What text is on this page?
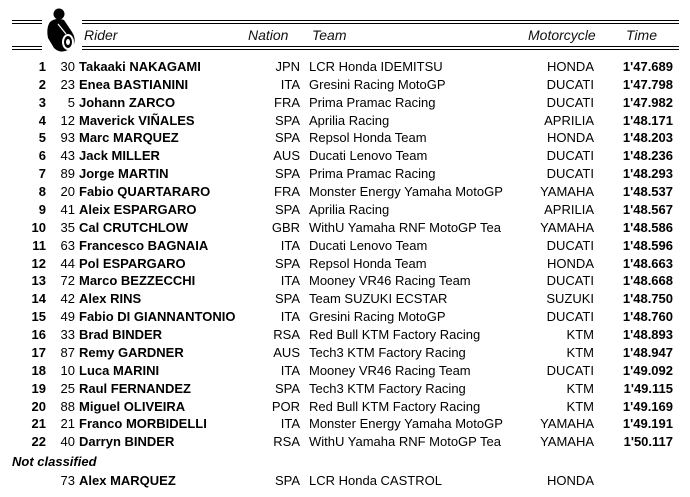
Rider	Nation Team	Motorcycle Time
1 30 Takaaki NAKAGAMI	JPN LCR Honda IDEMITSU	HONDA 1'47.689
2 23 Enea BASTIANINI	ITA Gresini Racing MotoGP	DUCATI 1'47.798
3 5 Johann ZARCO	FRA Prima Pramac Racing	DUCATI 1'47.982
4 12 Maverick VIÑALES	SPA Aprilia Racing	APRILIA 1'48.171
5 93 Marc MARQUEZ	SPA Repsol Honda Team	HONDA 1'48.203
6 43 Jack MILLER	AUS Ducati Lenovo Team	DUCATI 1'48.236
7 89 Jorge MARTIN	SPA Prima Pramac Racing	DUCATI 1'48.293
8 20 Fabio QUARTARARO	FRA Monster Energy Yamaha MotoGP	YAMAHA 1'48.537
9 41 Aleix ESPARGARO	SPA Aprilia Racing	APRILIA 1'48.567
10 35 Cal CRUTCHLOW	GBR WithU Yamaha RNF MotoGP Tea	YAMAHA 1'48.586
11 63 Francesco BAGNAIA	ITA Ducati Lenovo Team	DUCATI 1'48.596
12 44 Pol ESPARGARO	SPA Repsol Honda Team	HONDA 1'48.663
13 72 Marco BEZZECCHI	ITA Mooney VR46 Racing Team	DUCATI 1'48.668
14 42 Alex RINS	SPA Team SUZUKI ECSTAR	SUZUKI 1'48.750
15 49 Fabio DI GIANNANTONIO	ITA Gresini Racing MotoGP	DUCATI 1'48.760
16 33 Brad BINDER	RSA Red Bull KTM Factory Racing	KTM 1'48.893
17 87 Remy GARDNER	AUS Tech3 KTM Factory Racing	KTM 1'48.947
18 10 Luca MARINI	ITA Mooney VR46 Racing Team	DUCATI 1'49.092
19 25 Raul FERNANDEZ	SPA Tech3 KTM Factory Racing	KTM 1'49.115
20 88 Miguel OLIVEIRA	POR Red Bull KTM Factory Racing	KTM 1'49.169
21 21 Franco MORBIDELLI	ITA Monster Energy Yamaha MotoGP	YAMAHA 1'49.191
22 40 Darryn BINDER	RSA WithU Yamaha RNF MotoGP Tea	YAMAHA 1'50.117
Not classified
73 Alex MARQUEZ	SPA LCR Honda CASTROL	HONDA
